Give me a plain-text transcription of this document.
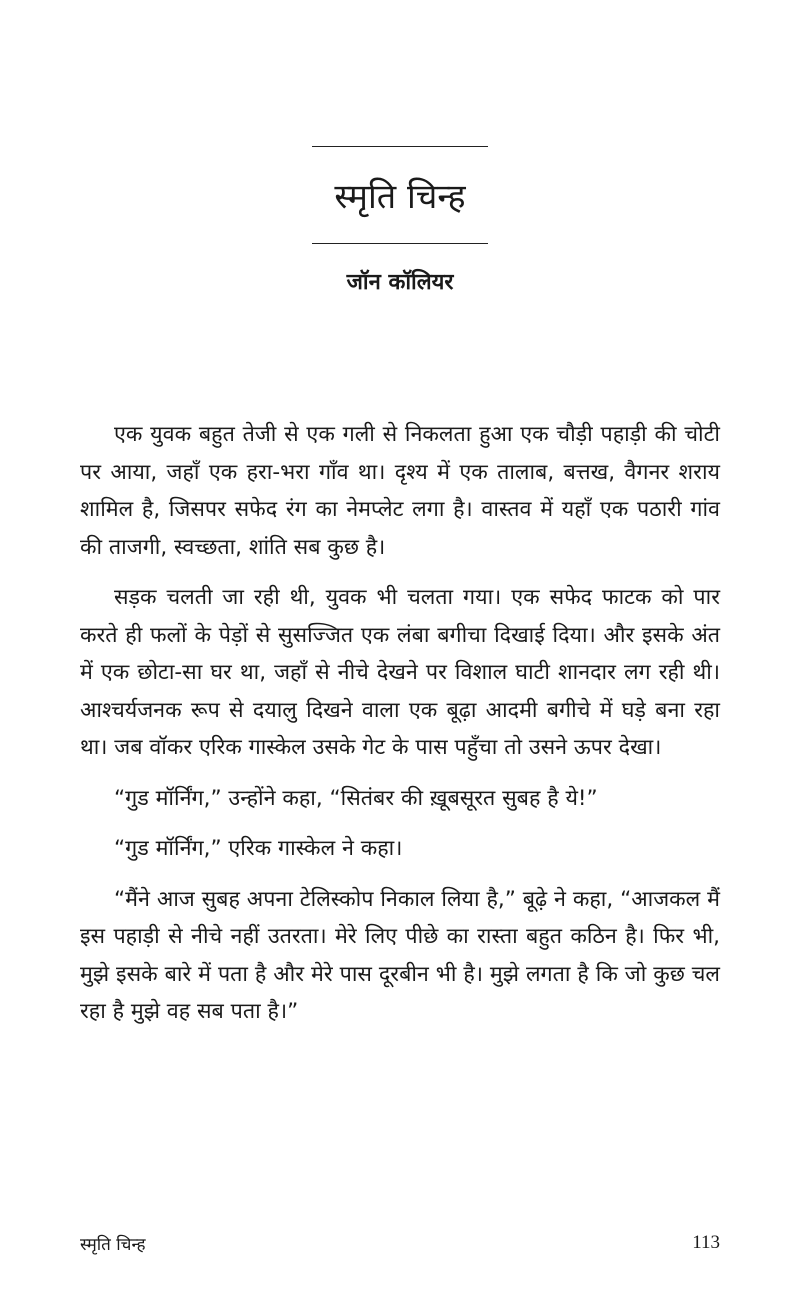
स्मृति चिन्ह
जॉन कॉलियर

एक युवक बहुत तेजी से एक गली से निकलता हुआ एक चौड़ी पहाड़ी की चोटी पर आया, जहाँ एक हरा-भरा गाँव था। दृश्य में एक तालाब, बत्तख, वैगनर शराय शामिल है, जिसपर सफेद रंग का नेमप्लेट लगा है। वास्तव में यहाँ एक पठारी गांव की ताजगी, स्वच्छता, शांति सब कुछ है।

सड़क चलती जा रही थी, युवक भी चलता गया। एक सफेद फाटक को पार करते ही फलों के पेड़ों से सुसज्जित एक लंबा बगीचा दिखाई दिया। और इसके अंत में एक छोटा-सा घर था, जहाँ से नीचे देखने पर विशाल घाटी शानदार लग रही थी। आश्चर्यजनक रूप से दयालु दिखने वाला एक बूढ़ा आदमी बगीचे में घड़े बना रहा था। जब वॉकर एरिक गास्केल उसके गेट के पास पहुँचा तो उसने ऊपर देखा।

“गुड मॉर्निंग,” उन्होंने कहा, “सितंबर की ख़ूबसूरत सुबह है ये!”

“गुड मॉर्निंग,” एरिक गास्केल ने कहा।

“मैंने आज सुबह अपना टेलिस्कोप निकाल लिया है,” बूढ़े ने कहा, “आजकल मैं इस पहाड़ी से नीचे नहीं उतरता। मेरे लिए पीछे का रास्ता बहुत कठिन है। फिर भी, मुझे इसके बारे में पता है और मेरे पास दूरबीन भी है। मुझे लगता है कि जो कुछ चल रहा है मुझे वह सब पता है।”

स्मृति चिन्ह	113
